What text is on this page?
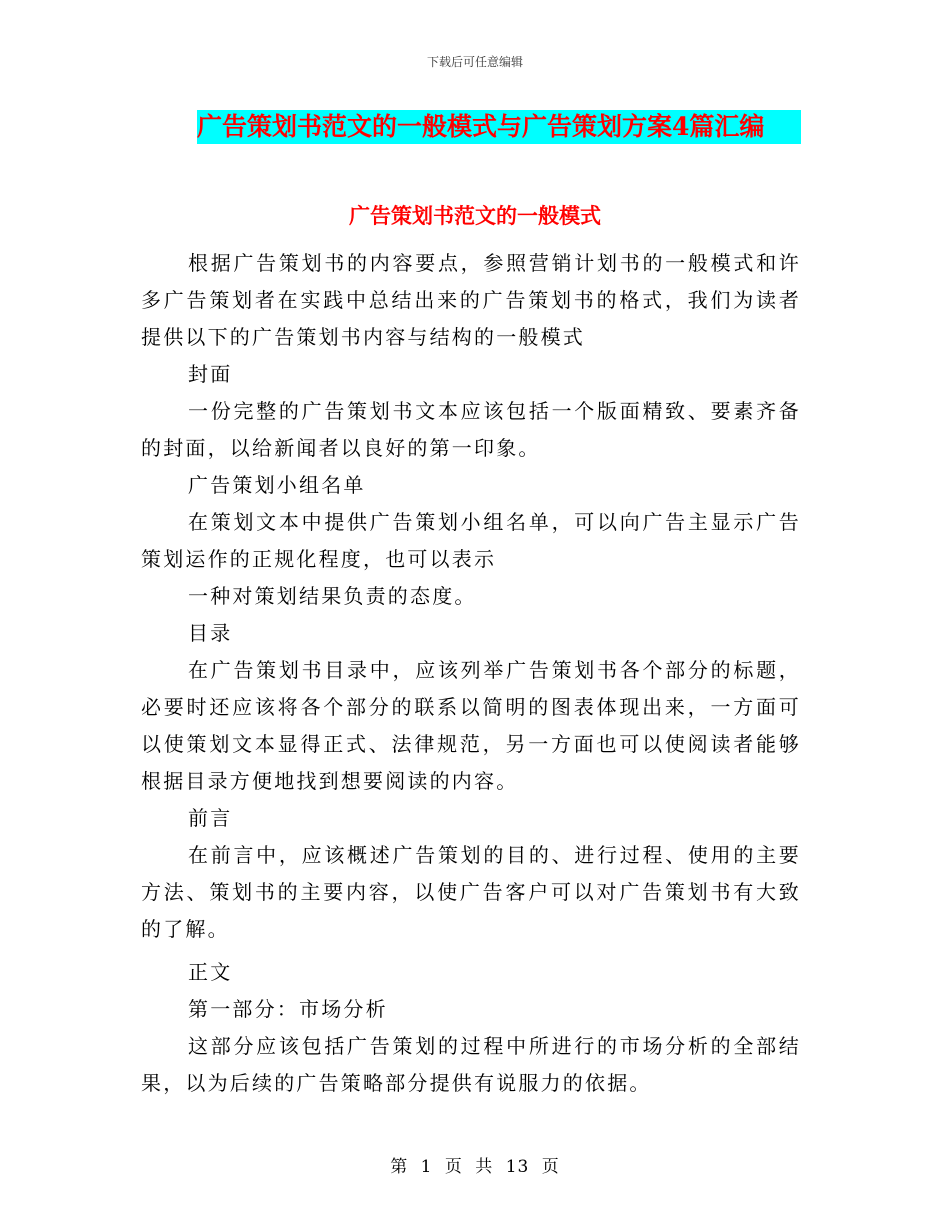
下载后可任意编辑
广告策划书范文的一般模式与广告策划方案4篇汇编
广告策划书范文的一般模式

根据广告策划书的内容要点，参照营销计划书的一般模式和许多广告策划者在实践中总结出来的广告策划书的格式，我们为读者提供以下的广告策划书内容与结构的一般模式

封面

一份完整的广告策划书文本应该包括一个版面精致、要素齐备的封面，以给新闻者以良好的第一印象。

广告策划小组名单

在策划文本中提供广告策划小组名单，可以向广告主显示广告策划运作的正规化程度，也可以表示

一种对策划结果负责的态度。

目录

在广告策划书目录中，应该列举广告策划书各个部分的标题，必要时还应该将各个部分的联系以简明的图表体现出来，一方面可以使策划文本显得正式、法律规范，另一方面也可以使阅读者能够根据目录方便地找到想要阅读的内容。

前言

在前言中，应该概述广告策划的目的、进行过程、使用的主要方法、策划书的主要内容，以使广告客户可以对广告策划书有大致的了解。

正文

第一部分：市场分析

这部分应该包括广告策划的过程中所进行的市场分析的全部结果，以为后续的广告策略部分提供有说服力的依据。

第 1 页 共 13 页
